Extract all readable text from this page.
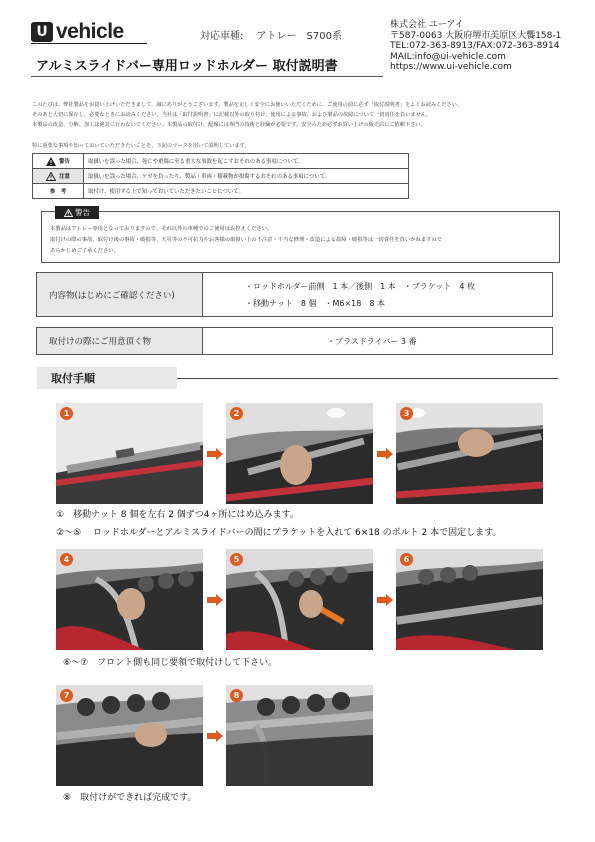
U vehicle	対応車種: アトレー　S700系
アルミスライドバー専用ロッドホルダー 取付説明書
株式会社 ユーアイ
〒587-0063 大阪府堺市美原区大饗158-1
TEL:072-363-8913/FAX:072-363-8914
MAIL:info@ui-vehicle.com
https://www.ui-vehicle.com
このたびは、弊社製品をお買い上げいただきまして、誠にありがとうございます。製品を正しく安全にお使いいただくために、ご使用の前に必ず「取付説明書」をよくお読みください。
そのあと大切に保存し、必要なときにお読みください。当社は「取付説明書」に記載以外の取り付け、使用による事故、および製品の故障について一切責任を負いません。
本製品の改造、分解、加工は絶対に行わないでください。本製品の取付け、配線には専門の技術と経験が必要です。安全のため必ずお買い上げの販売店にご依頼下さい。
特に重要な事項や知っておいていただきたいことを、下記のマークを用いて説明しています。
警告	取扱いを誤った場合、死亡や重傷に至る重大な事故を起こすおそれのある事項について。
注意	取扱いを誤った場合、ケガを負ったり、製品・車両・積載物が損傷するおそれのある事項について。
参　考	取付け、使用する上で知っておいていただきたいことについて。
警告
本製品はアトレー専用となっておりますので、それ以外の車種でのご使用はお控えください。
取付けの際の事故、取付け後の事故・破損等、天災等の不可抗力やお客様の取扱い上の不注意・不当な修理・改造による故障・破損等は一切責任を負いかねますので
あらかじめご了承ください。
内容物(はじめにご確認ください)	
・ロッドホルダー前側　1 本／後側　1 本　・ブラケット　4 枚
・移動ナット　8 個　・M6×18　8 本
取付けの際にご用意頂く物	・プラスドライバー 3 番
取付手順
1	2	3
①　移動ナット 8 個を左右 2 個ずつ4ヶ所にはめ込みます。
②～⑤　 ロッドホルダーとアルミスライドバーの間にブラケットを入れて 6×18 のボルト 2 本で固定します。
4	5	6
⑥～⑦　フロント側も同じ要領で取付けして下さい。
7	8
⑧　取付けができれば完成です。
